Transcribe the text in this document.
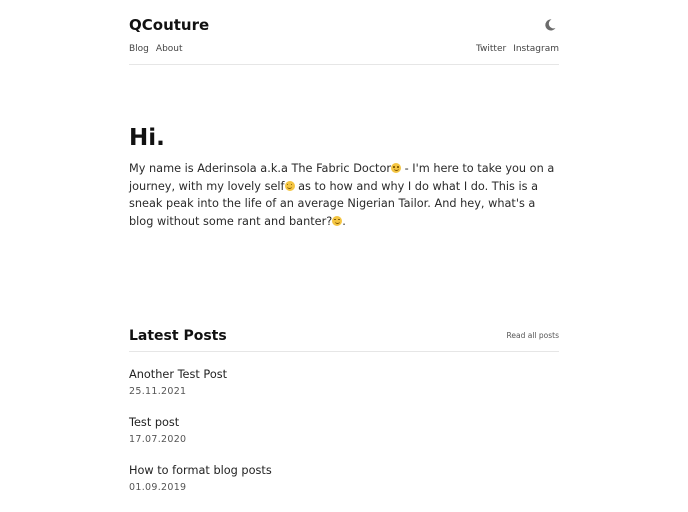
QCouture
Blog About	Twitter Instagram
Hi.

My name is Aderinsola a.k.a The Fabric Doctor - I'm here to take you on a journey, with my lovely self as to how and why I do what I do. This is a sneak peak into the life of an average Nigerian Tailor. And hey, what's a blog without some rant and banter? .

Latest Posts	Read all posts
Another Test Post
25.11.2021
Test post
17.07.2020
How to format blog posts
01.09.2019
